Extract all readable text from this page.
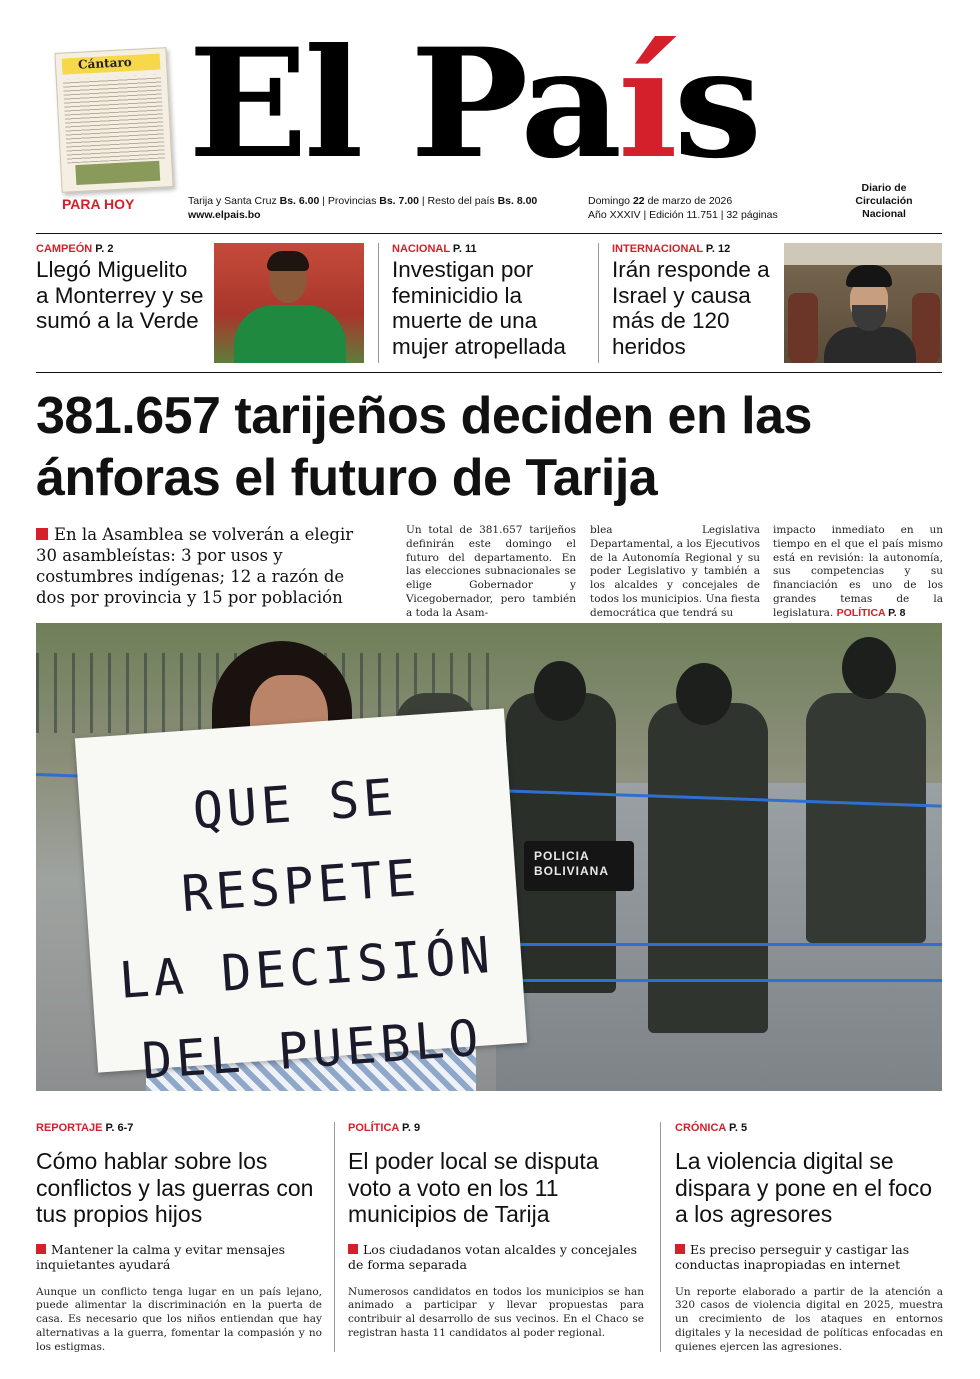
Cántaro
PARA HOY
El País
Tarija y Santa Cruz Bs. 6.00 | Provincias Bs. 7.00 | Resto del país Bs. 8.00
www.elpais.bo
Domingo 22 de marzo de 2026
Año XXXIV | Edición 11.751 | 32 páginas
Diario de Circulación Nacional
CAMPEÓN P. 2
Llegó Miguelito a Monterrey y se sumó a la Verde
NACIONAL P. 11
Investigan por feminicidio la muerte de una mujer atropellada
INTERNACIONAL P. 12
Irán responde a Israel y causa más de 120 heridos
381.657 tarijeños deciden en las ánforas el futuro de Tarija
En la Asamblea se volverán a elegir 30 asambleístas: 3 por usos y costumbres indígenas; 12 a razón de dos por provincia y 15 por población
Un total de 381.657 tarijeños definirán este domingo el futuro del departamento. En las elecciones subnacionales se elige Gobernador y Vicegobernador, pero también a toda la Asam-
blea Legislativa Departamental, a los Ejecutivos de la Autonomía Regional y su poder Legislativo y también a los alcaldes y concejales de todos los municipios. Una fiesta democrática que tendrá su
impacto inmediato en un tiempo en el que el país mismo está en revisión: la autonomía, sus competencias y su financiación es uno de los grandes temas de la legislatura. POLÍTICA P. 8
POLICIA
BOLIVIANA
QUE SE RESPETE
LA DECISIÓN
DEL PUEBLO
REPORTAJE P. 6-7
Cómo hablar sobre los conflictos y las guerras con tus propios hijos
Mantener la calma y evitar mensajes inquietantes ayudará
Aunque un conflicto tenga lugar en un país lejano, puede alimentar la discriminación en la puerta de casa. Es necesario que los niños entiendan que hay alternativas a la guerra, fomentar la compasión y no los estigmas.
POLÍTICA P. 9
El poder local se disputa voto a voto en los 11 municipios de Tarija
Los ciudadanos votan alcaldes y concejales de forma separada
Numerosos candidatos en todos los municipios se han animado a participar y llevar propuestas para contribuir al desarrollo de sus vecinos. En el Chaco se registran hasta 11 candidatos al poder regional.
CRÓNICA P. 5
La violencia digital se dispara y pone en el foco a los agresores
Es preciso perseguir y castigar las conductas inapropiadas en internet
Un reporte elaborado a partir de la atención a 320 casos de violencia digital en 2025, muestra un crecimiento de los ataques en entornos digitales y la necesidad de políticas enfocadas en quienes ejercen las agresiones.
